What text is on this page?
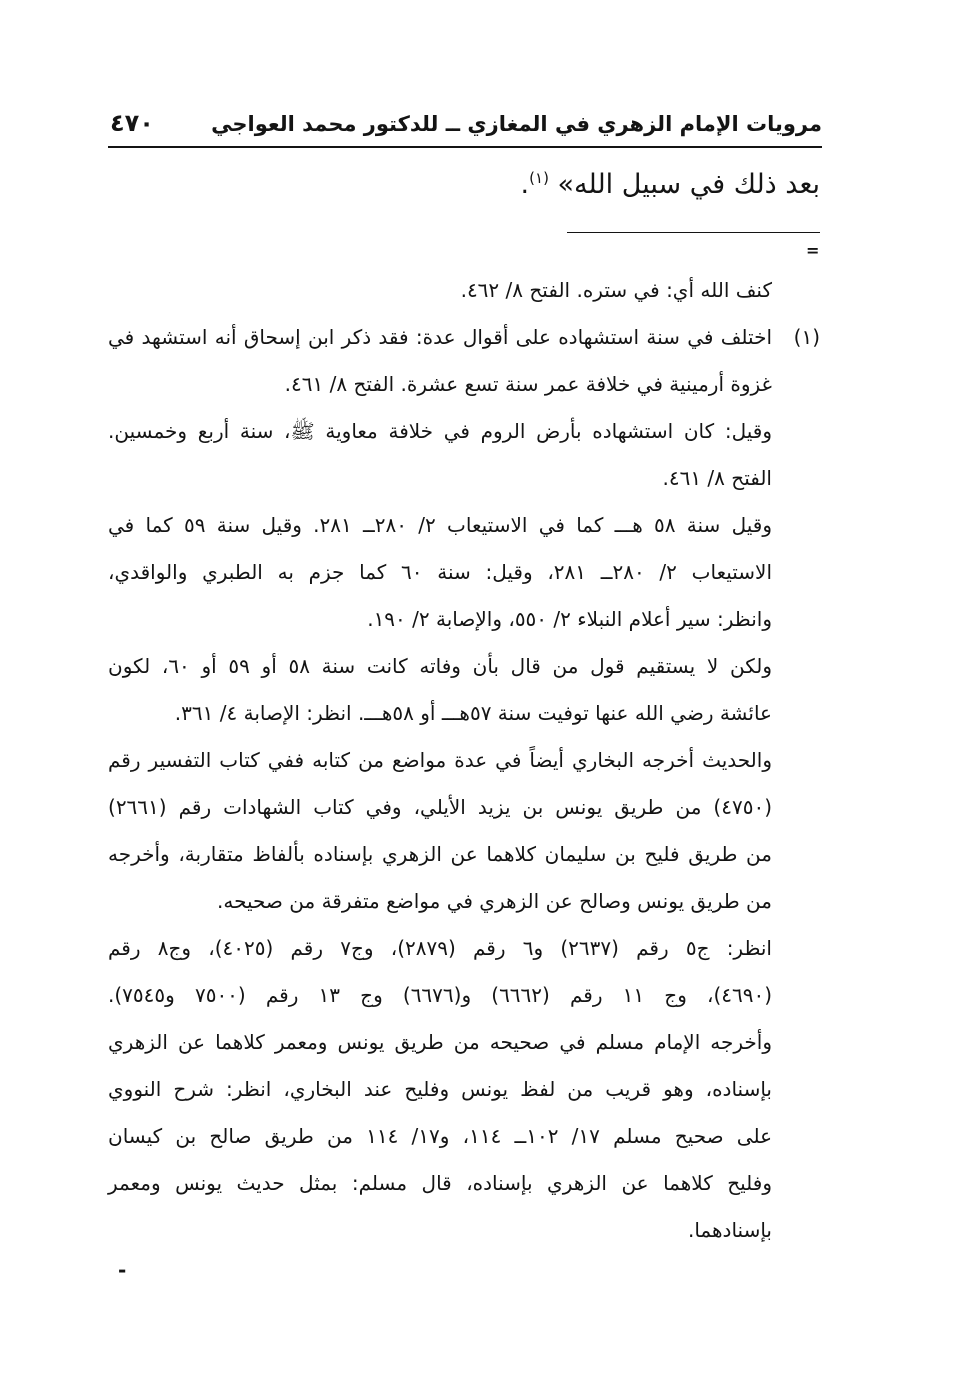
مرويات الإمام الزهري في المغازي ــ للدكتور محمد العواجي
٤٧٠
بعد ذلك في سبيل الله» $^{(١)}$.
=
(١)
كنف الله أي: في ستره. الفتح ٨/ ٤٦٢.
اختلف في سنة استشهاده على أقوال عدة: فقد ذكر ابن إسحاق أنه استشهد في
غزوة أرمينية في خلافة عمر سنة تسع عشرة. الفتح ٨/ ٤٦١.
وقيل: كان استشهاده بأرض الروم في خلافة معاوية ﷺ، سنة أربع وخمسين.
الفتح ٨/ ٤٦١.
وقيل سنة ٥٨ هـــ كما في الاستيعاب ٢/ ٢٨٠ــ ٢٨١. وقيل سنة ٥٩ كما في
الاستيعاب ٢/ ٢٨٠ــ ٢٨١، وقيل: سنة ٦٠ كما جزم به الطبري والواقدي،
وانظر: سير أعلام النبلاء ٢/ ٥٥٠، والإصابة ٢/ ١٩٠.
ولكن لا يستقيم قول من قال بأن وفاته كانت سنة ٥٨ أو ٥٩ أو ٦٠، لكون
عائشة رضي الله عنها توفيت سنة ٥٧هـــ أو ٥٨هـــ. انظر: الإصابة ٤/ ٣٦١.
والحديث أخرجه البخاري أيضاً في عدة مواضع من كتابه ففي كتاب التفسير رقم
(٤٧٥٠) من طريق يونس بن يزيد الأيلي، وفي كتاب الشهادات رقم (٢٦٦١)
من طريق فليح بن سليمان كلاهما عن الزهري بإسناده بألفاظ متقاربة، وأخرجه
من طريق يونس وصالح عن الزهري في مواضع متفرقة من صحيحه.
انظر: ج٥ رقم (٢٦٣٧) و٦ رقم (٢٨٧٩)، وج٧ رقم (٤٠٢٥)، وج٨ رقم
(٤٦٩٠)، وج ١١ رقم (٦٦٦٢) و(٦٦٧٦) وج ١٣ رقم (٧٥٠٠ و٧٥٤٥).
وأخرجه الإمام مسلم في صحيحه من طريق يونس ومعمر كلاهما عن الزهري
بإسناده، وهو قريب من لفظ يونس وفليح عند البخاري، انظر: شرح النووي
على صحيح مسلم ١٧/ ١٠٢ــ ١١٤، و١٧/ ١١٤ من طريق صالح بن كيسان
وفليح كلاهما عن الزهري بإسناده، قال مسلم: بمثل حديث يونس ومعمر
بإسنادهما.
-
